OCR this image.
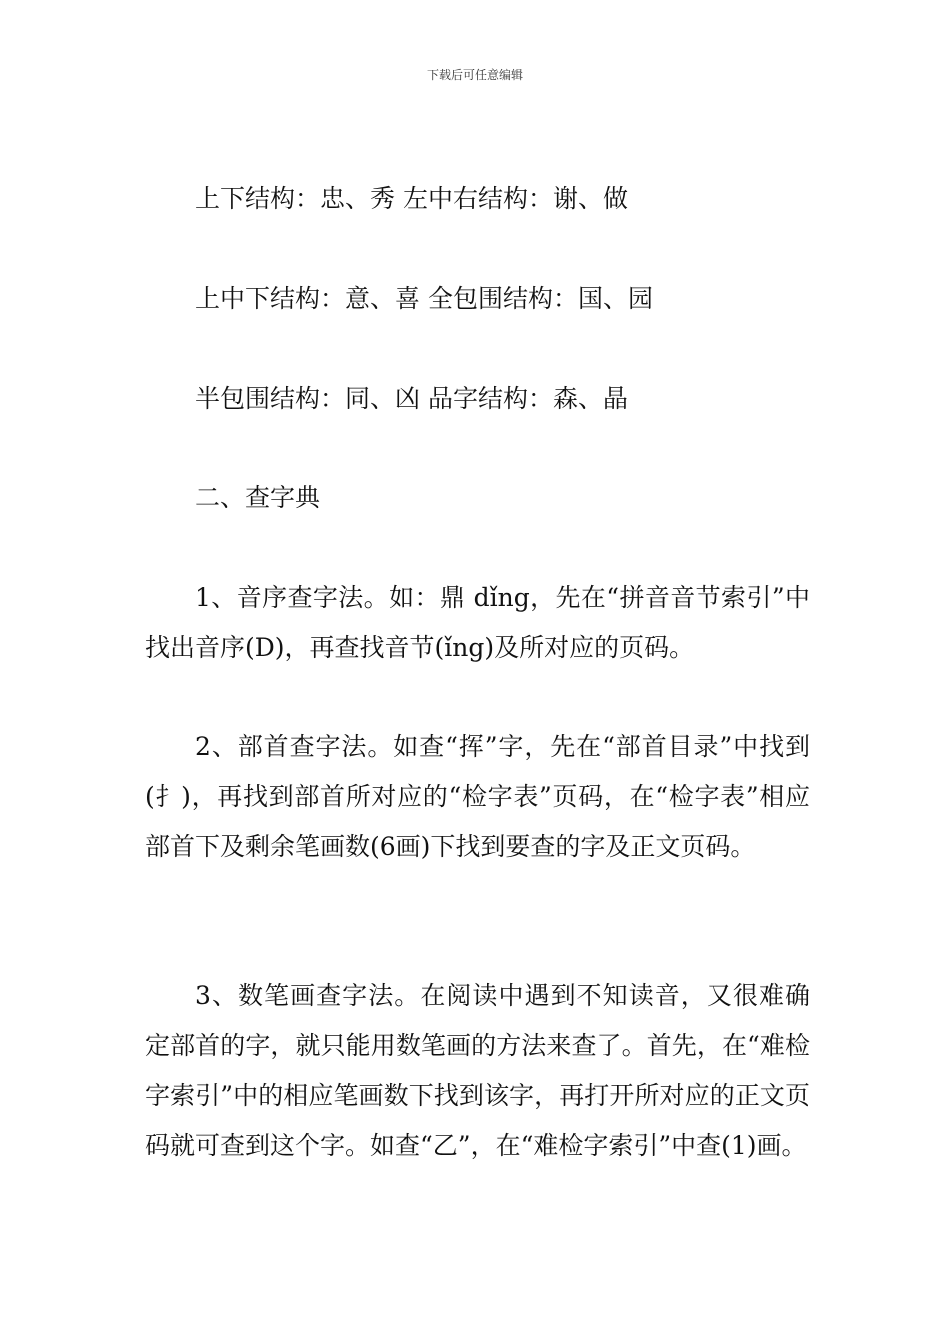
下载后可任意编辑
上下结构：忠、秀 左中右结构：谢、做
上中下结构：意、喜 全包围结构：国、园
半包围结构：同、凶 品字结构：森、晶
二、查字典

1、音序查字法。如：鼎 dǐng，先在“拼音音节索引”中找出音序(D)，再查找音节(ǐng)及所对应的页码。

2、部首查字法。如查“挥”字，先在“部首目录”中找到(扌)，再找到部首所对应的“检字表”页码，在“检字表”相应部首下及剩余笔画数(6画)下找到要查的字及正文页码。

3、数笔画查字法。在阅读中遇到不知读音，又很难确定部首的字，就只能用数笔画的方法来查了。首先，在“难检字索引”中的相应笔画数下找到该字，再打开所对应的正文页码就可查到这个字。如查“乙”，在“难检字索引”中查(1)画。
